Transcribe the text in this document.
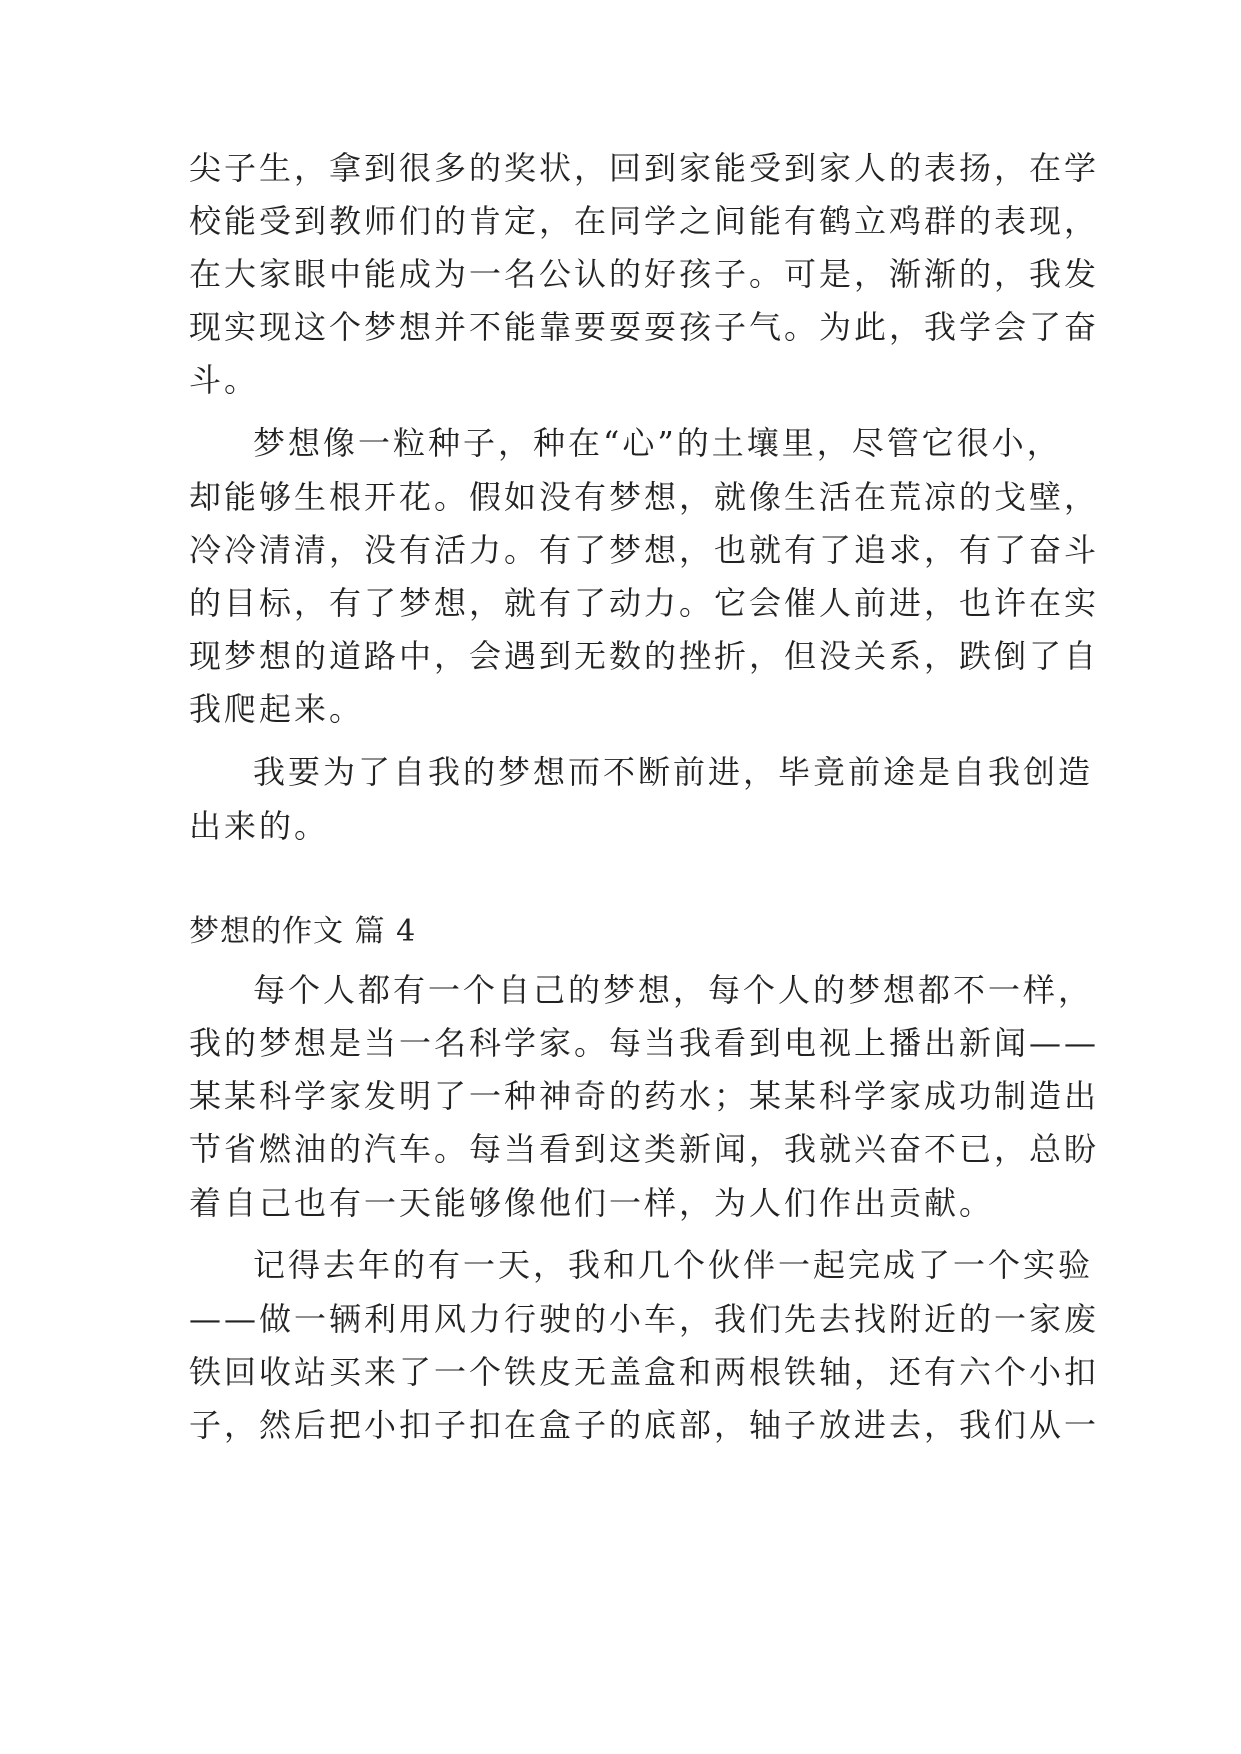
尖子生，拿到很多的奖状，回到家能受到家人的表扬，在学
校能受到教师们的肯定，在同学之间能有鹤立鸡群的表现，
在大家眼中能成为一名公认的好孩子。可是，渐渐的，我发
现实现这个梦想并不能靠要耍耍孩子气。为此，我学会了奋
斗。
梦想像一粒种子，种在“心”的土壤里，尽管它很小，
却能够生根开花。假如没有梦想，就像生活在荒凉的戈壁，
冷冷清清，没有活力。有了梦想，也就有了追求，有了奋斗
的目标，有了梦想，就有了动力。它会催人前进，也许在实
现梦想的道路中，会遇到无数的挫折，但没关系，跌倒了自
我爬起来。
我要为了自我的梦想而不断前进，毕竟前途是自我创造
出来的。
梦想的作文 篇 4
每个人都有一个自己的梦想，每个人的梦想都不一样，
我的梦想是当一名科学家。每当我看到电视上播出新闻——
某某科学家发明了一种神奇的药水；某某科学家成功制造出
节省燃油的汽车。每当看到这类新闻，我就兴奋不已，总盼
着自己也有一天能够像他们一样，为人们作出贡献。
记得去年的有一天，我和几个伙伴一起完成了一个实验
——做一辆利用风力行驶的小车，我们先去找附近的一家废
铁回收站买来了一个铁皮无盖盒和两根铁轴，还有六个小扣
子，然后把小扣子扣在盒子的底部，轴子放进去，我们从一
